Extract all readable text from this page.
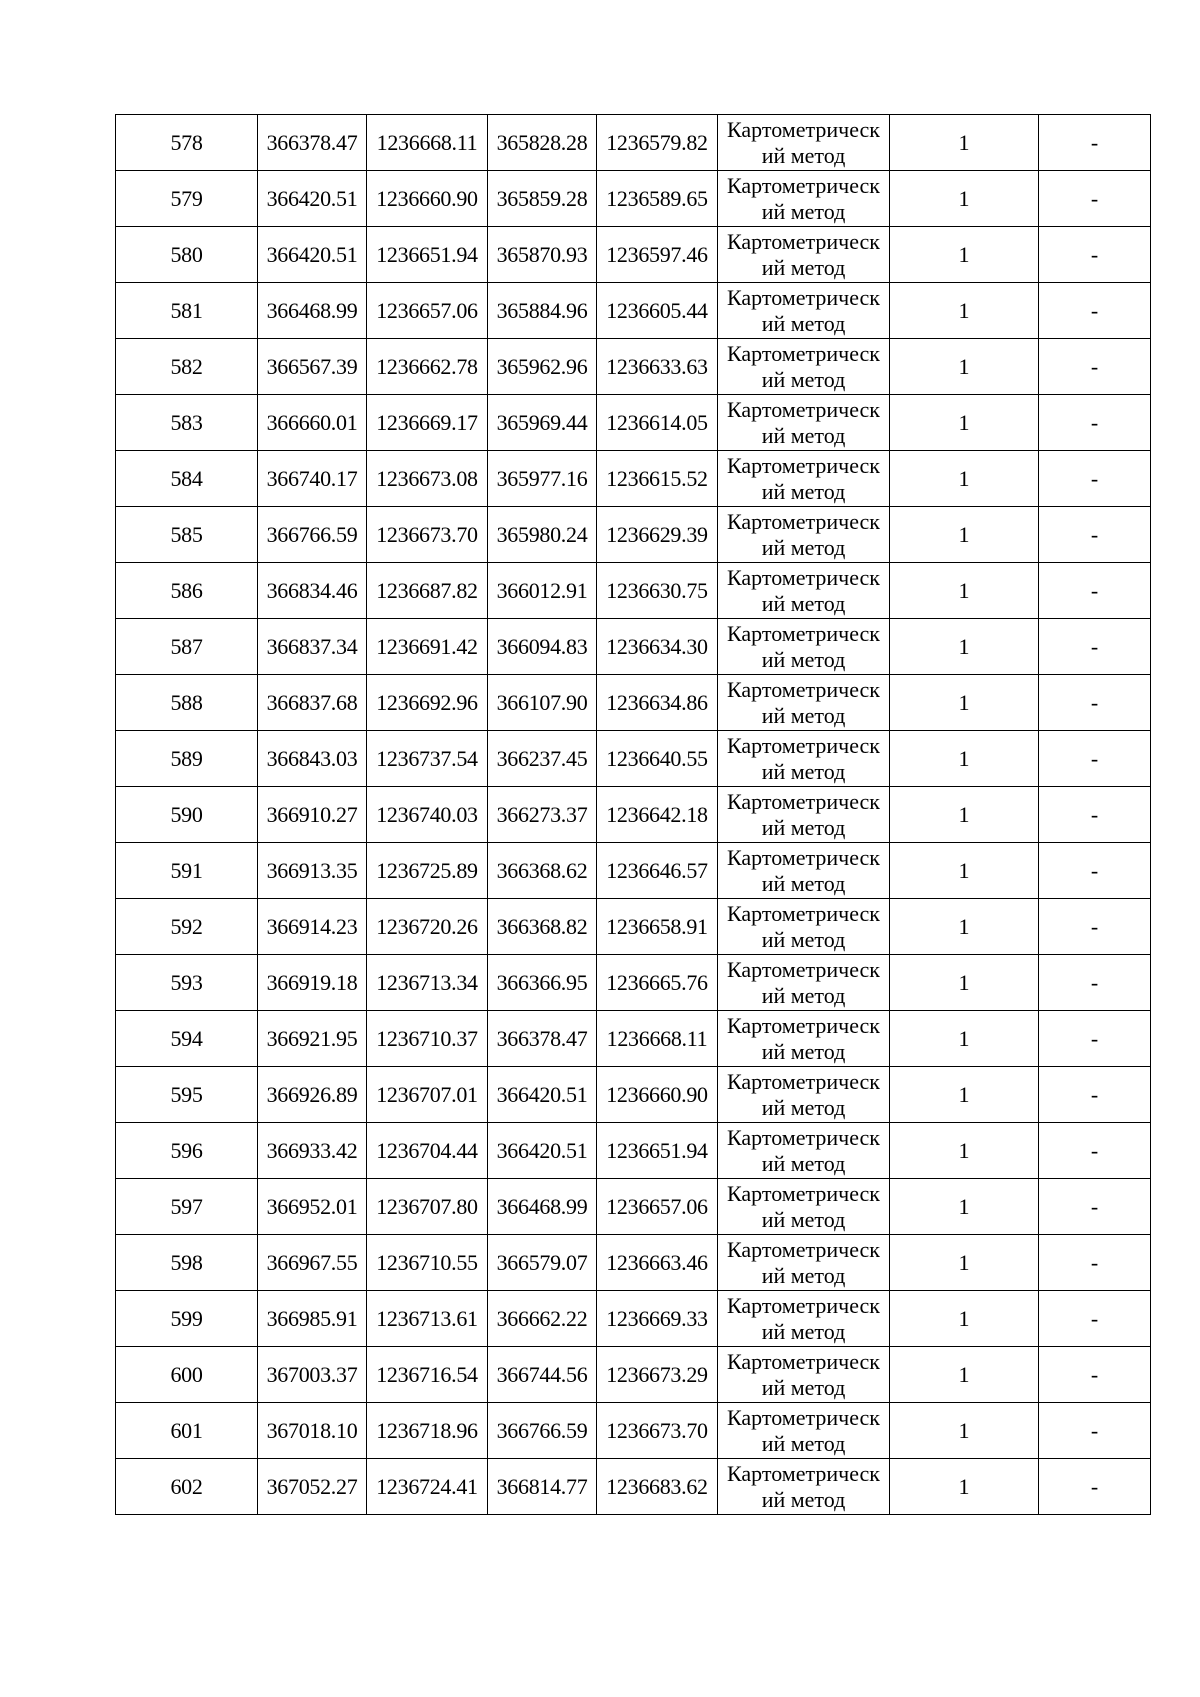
578	366378.47	1236668.11	365828.28	1236579.82	Картометрическ
ий метод	1	-
579	366420.51	1236660.90	365859.28	1236589.65	Картометрическ
ий метод	1	-
580	366420.51	1236651.94	365870.93	1236597.46	Картометрическ
ий метод	1	-
581	366468.99	1236657.06	365884.96	1236605.44	Картометрическ
ий метод	1	-
582	366567.39	1236662.78	365962.96	1236633.63	Картометрическ
ий метод	1	-
583	366660.01	1236669.17	365969.44	1236614.05	Картометрическ
ий метод	1	-
584	366740.17	1236673.08	365977.16	1236615.52	Картометрическ
ий метод	1	-
585	366766.59	1236673.70	365980.24	1236629.39	Картометрическ
ий метод	1	-
586	366834.46	1236687.82	366012.91	1236630.75	Картометрическ
ий метод	1	-
587	366837.34	1236691.42	366094.83	1236634.30	Картометрическ
ий метод	1	-
588	366837.68	1236692.96	366107.90	1236634.86	Картометрическ
ий метод	1	-
589	366843.03	1236737.54	366237.45	1236640.55	Картометрическ
ий метод	1	-
590	366910.27	1236740.03	366273.37	1236642.18	Картометрическ
ий метод	1	-
591	366913.35	1236725.89	366368.62	1236646.57	Картометрическ
ий метод	1	-
592	366914.23	1236720.26	366368.82	1236658.91	Картометрическ
ий метод	1	-
593	366919.18	1236713.34	366366.95	1236665.76	Картометрическ
ий метод	1	-
594	366921.95	1236710.37	366378.47	1236668.11	Картометрическ
ий метод	1	-
595	366926.89	1236707.01	366420.51	1236660.90	Картометрическ
ий метод	1	-
596	366933.42	1236704.44	366420.51	1236651.94	Картометрическ
ий метод	1	-
597	366952.01	1236707.80	366468.99	1236657.06	Картометрическ
ий метод	1	-
598	366967.55	1236710.55	366579.07	1236663.46	Картометрическ
ий метод	1	-
599	366985.91	1236713.61	366662.22	1236669.33	Картометрическ
ий метод	1	-
600	367003.37	1236716.54	366744.56	1236673.29	Картометрическ
ий метод	1	-
601	367018.10	1236718.96	366766.59	1236673.70	Картометрическ
ий метод	1	-
602	367052.27	1236724.41	366814.77	1236683.62	Картометрическ
ий метод	1	-
